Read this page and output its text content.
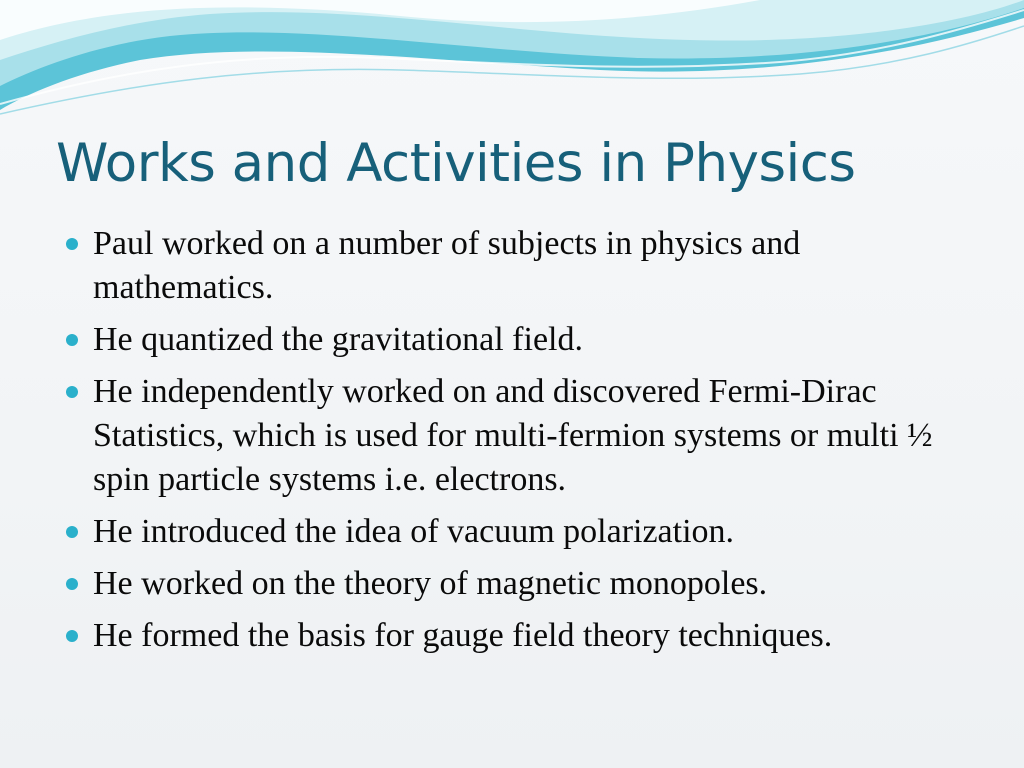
Works and Activities in Physics
Paul worked on a number of subjects in physics and mathematics.
He quantized the gravitational field.
He independently worked on and discovered Fermi-Dirac Statistics, which is used for multi-fermion systems or multi ½ spin particle systems i.e. electrons.
He introduced the idea of vacuum polarization.
He worked on the theory of magnetic monopoles.
He formed the basis for gauge field theory techniques.
